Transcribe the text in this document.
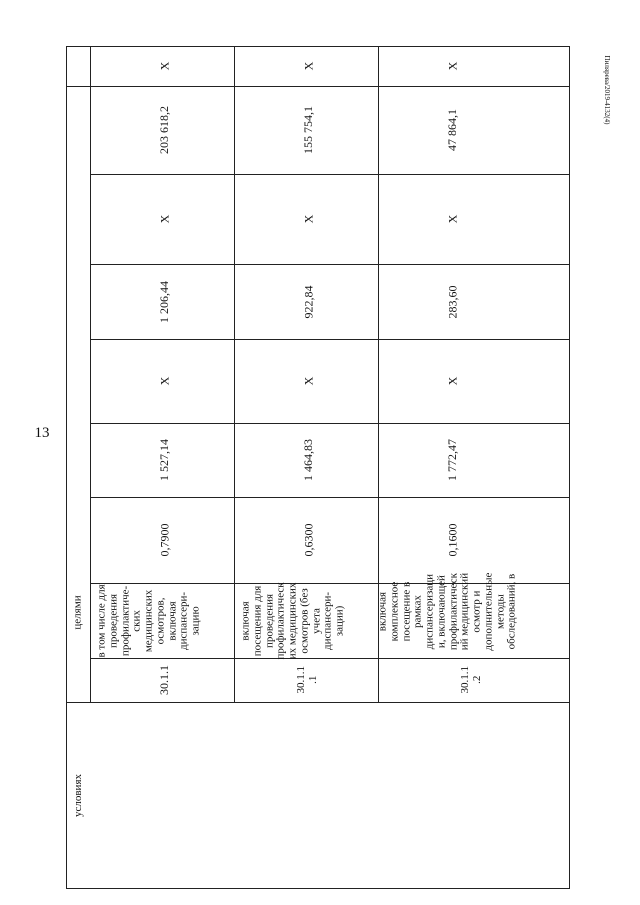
13
Пилярева/2019-4132(4)
условиях
целями
30.1.1
в том числе для
проведения
профилактиче-
ских
медицинских
осмотров,
включая
диспансери-
зацию
0,7900
1 527,14
Х
1 206,44
Х
203 618,2
Х
30.1.1
.1
включая
посещения для
проведения
профилактическ
их медицинских
осмотров (без
учета
диспансери-
зации)
0,6300
1 464,83
Х
922,84
Х
155 754,1
Х
30.1.1
.2
включая
комплексное
посещение в
рамках
диспансеризаци
и, включающей
профилактическ
ий медицинский
осмотр и
дополнительные
методы
обследований, в
0,1600
1 772,47
Х
283,60
Х
47 864,1
Х
